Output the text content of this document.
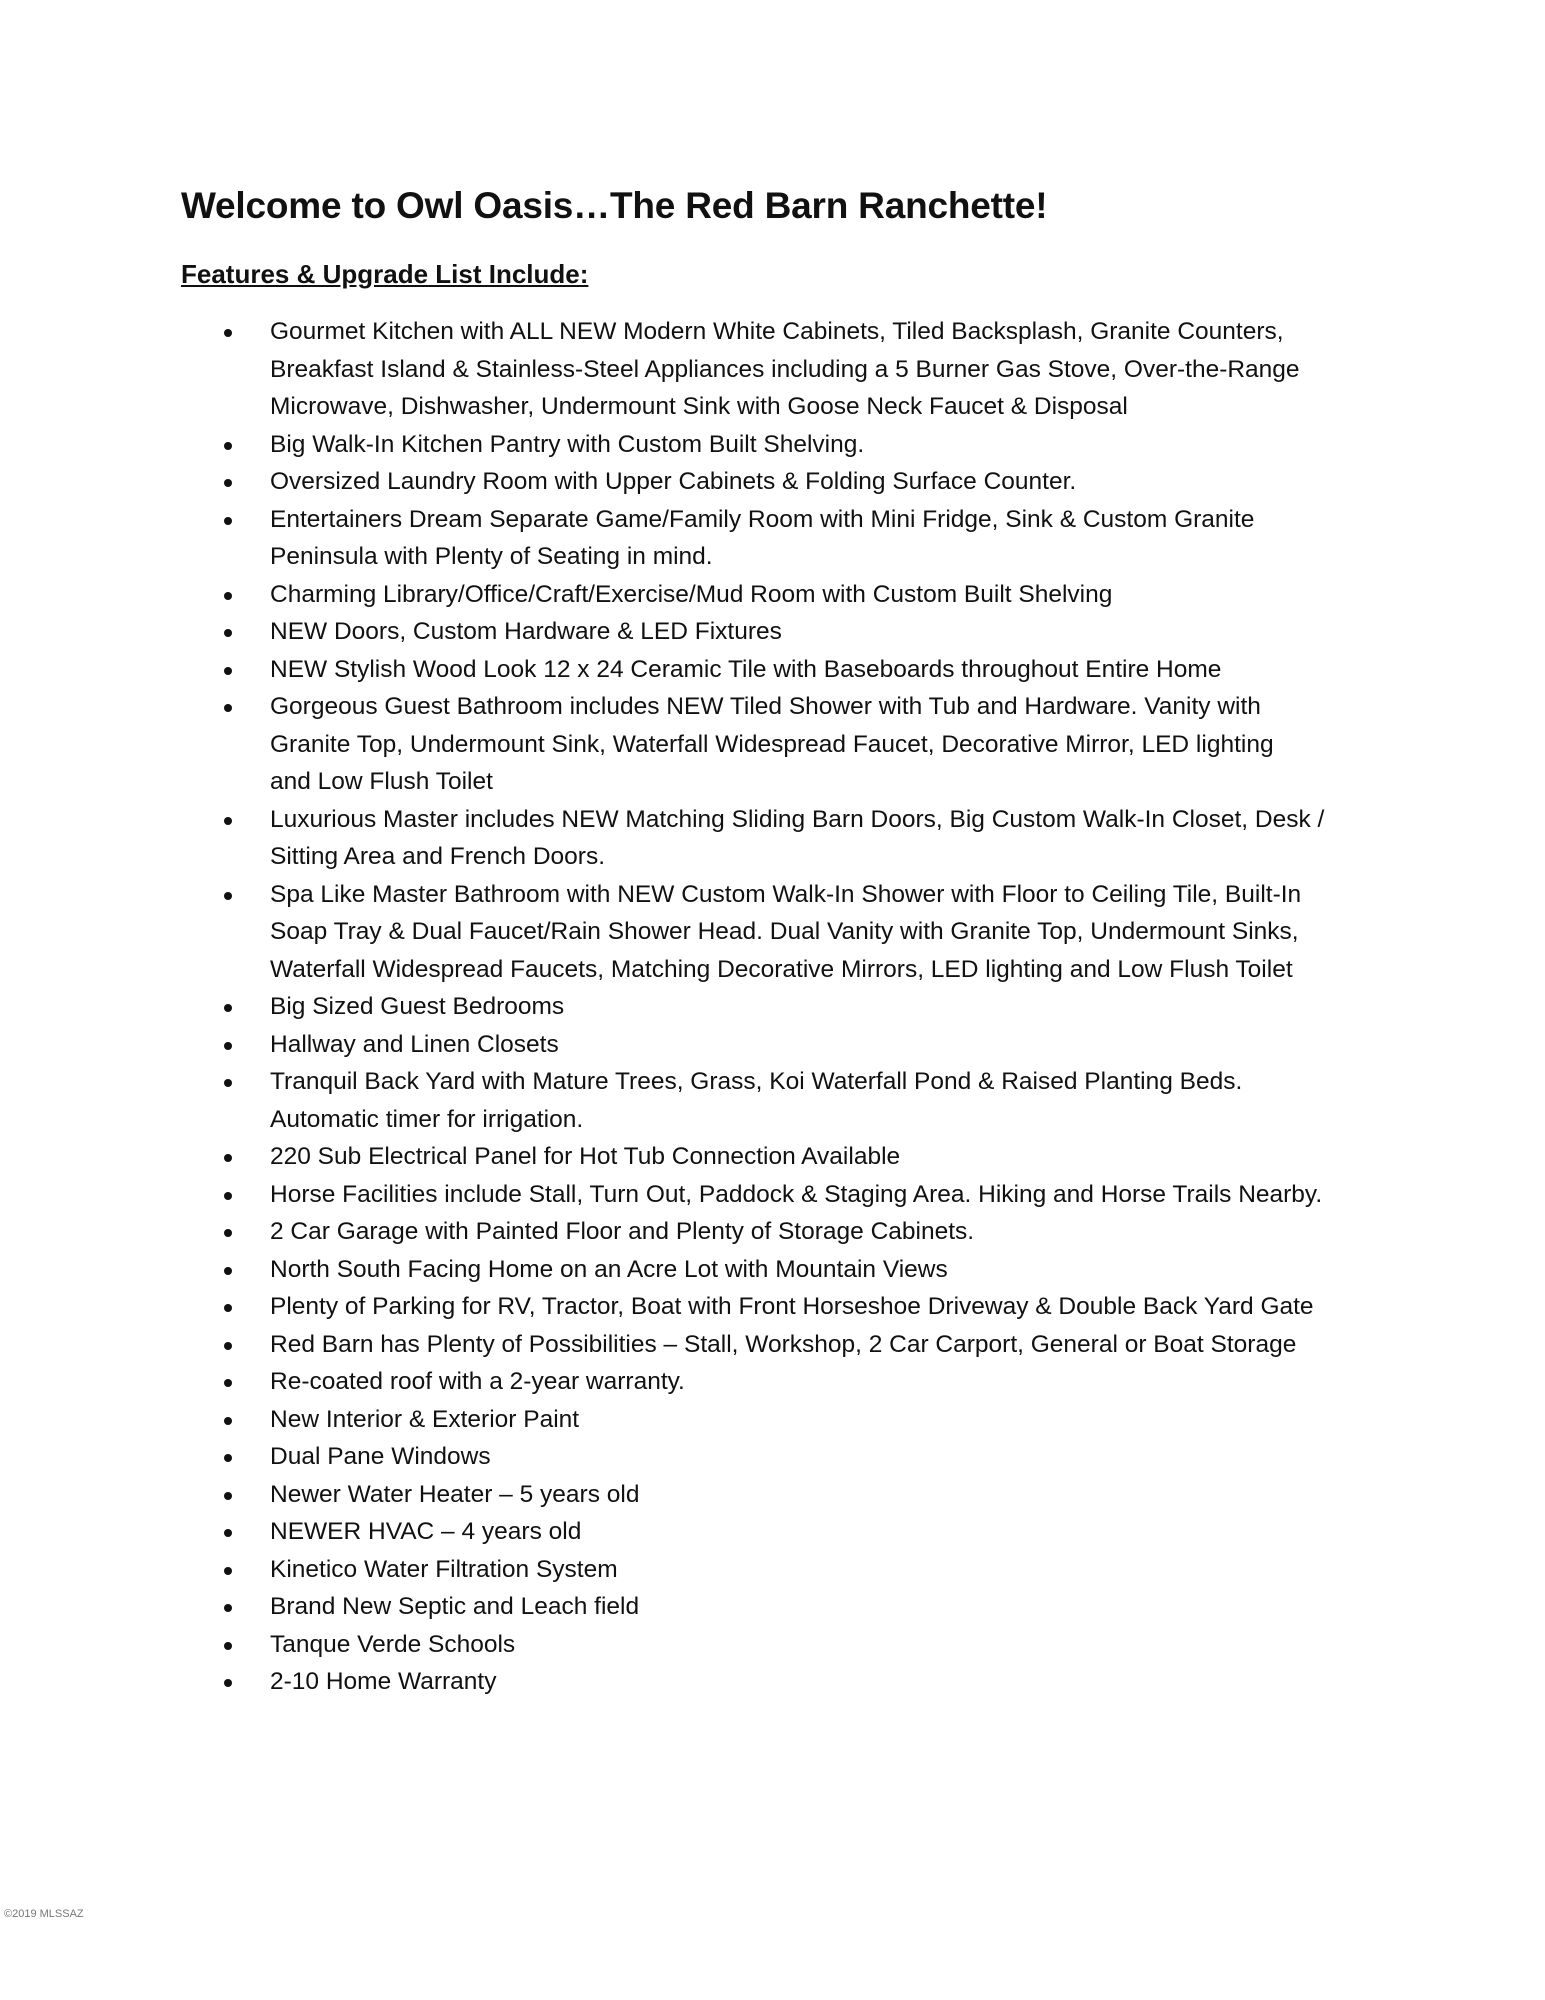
Welcome to Owl Oasis…The Red Barn Ranchette!
Features & Upgrade List Include:
Gourmet Kitchen with ALL NEW Modern White Cabinets, Tiled Backsplash, Granite Counters,
Breakfast Island & Stainless-Steel Appliances including a 5 Burner Gas Stove, Over-the-Range
Microwave, Dishwasher, Undermount Sink with Goose Neck Faucet & Disposal
Big Walk-In Kitchen Pantry with Custom Built Shelving.
Oversized Laundry Room with Upper Cabinets & Folding Surface Counter.
Entertainers Dream Separate Game/Family Room with Mini Fridge, Sink & Custom Granite
Peninsula with Plenty of Seating in mind.
Charming Library/Office/Craft/Exercise/Mud Room with Custom Built Shelving
NEW Doors, Custom Hardware & LED Fixtures
NEW Stylish Wood Look 12 x 24 Ceramic Tile with Baseboards throughout Entire Home
Gorgeous Guest Bathroom includes NEW Tiled Shower with Tub and Hardware. Vanity with
Granite Top, Undermount Sink, Waterfall Widespread Faucet, Decorative Mirror, LED lighting
and Low Flush Toilet
Luxurious Master includes NEW Matching Sliding Barn Doors, Big Custom Walk-In Closet, Desk /
Sitting Area and French Doors.
Spa Like Master Bathroom with NEW Custom Walk-In Shower with Floor to Ceiling Tile, Built-In
Soap Tray & Dual Faucet/Rain Shower Head. Dual Vanity with Granite Top, Undermount Sinks,
Waterfall Widespread Faucets, Matching Decorative Mirrors, LED lighting and Low Flush Toilet
Big Sized Guest Bedrooms
Hallway and Linen Closets
Tranquil Back Yard with Mature Trees, Grass, Koi Waterfall Pond & Raised Planting Beds.
Automatic timer for irrigation.
220 Sub Electrical Panel for Hot Tub Connection Available
Horse Facilities include Stall, Turn Out, Paddock & Staging Area. Hiking and Horse Trails Nearby.
2 Car Garage with Painted Floor and Plenty of Storage Cabinets.
North South Facing Home on an Acre Lot with Mountain Views
Plenty of Parking for RV, Tractor, Boat with Front Horseshoe Driveway & Double Back Yard Gate
Red Barn has Plenty of Possibilities – Stall, Workshop, 2 Car Carport, General or Boat Storage
Re-coated roof with a 2-year warranty.
New Interior & Exterior Paint
Dual Pane Windows
Newer Water Heater – 5 years old
NEWER HVAC – 4 years old
Kinetico Water Filtration System
Brand New Septic and Leach field
Tanque Verde Schools
2-10 Home Warranty
©2019 MLSSAZ
